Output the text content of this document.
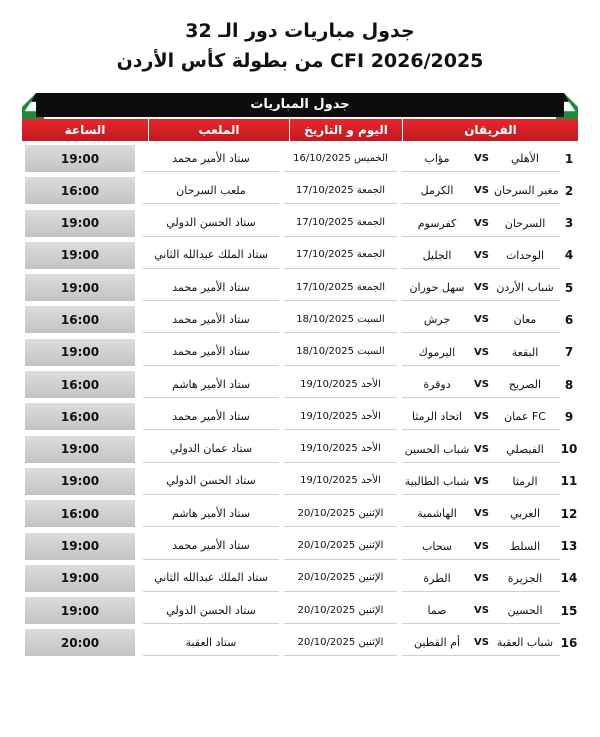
جدول مباريات دور الـ 32
من بطولة كأس الأردن CFI 2026/2025
جدول المباريات
الفريقان
اليوم و التاريخ
الملعب
الساعة
1
الأهلي
VS
مؤاب
الخميس 16/10/2025
ستاد الأمير محمد
19:00
2
مغير السرحان
VS
الكرمل
الجمعة 17/10/2025
ملعب السرحان
16:00
3
السرحان
VS
كفرسوم
الجمعة 17/10/2025
ستاد الحسن الدولي
19:00
4
الوحدات
VS
الجليل
الجمعة 17/10/2025
ستاد الملك عبدالله الثاني
19:00
5
شباب الأردن
VS
سهل حوران
الجمعة 17/10/2025
ستاد الأمير محمد
19:00
6
معان
VS
جرش
السبت 18/10/2025
ستاد الأمير محمد
16:00
7
البقعة
VS
اليرموك
السبت 18/10/2025
ستاد الأمير محمد
19:00
8
الصريح
VS
دوقرة
الأحد 19/10/2025
ستاد الأمير هاشم
16:00
9
عمان FC
VS
اتحاد الرمثا
الأحد 19/10/2025
ستاد الأمير محمد
16:00
10
الفيصلي
VS
شباب الحسين
الأحد 19/10/2025
ستاد عمان الدولي
19:00
11
الرمثا
VS
شباب الطالبية
الأحد 19/10/2025
ستاد الحسن الدولي
19:00
12
العربي
VS
الهاشمية
الإثنين 20/10/2025
ستاد الأمير هاشم
16:00
13
السلط
VS
سحاب
الإثنين 20/10/2025
ستاد الأمير محمد
19:00
14
الجزيرة
VS
الطرة
الإثنين 20/10/2025
ستاد الملك عبدالله الثاني
19:00
15
الحسين
VS
صما
الإثنين 20/10/2025
ستاد الحسن الدولي
19:00
16
شباب العقبة
VS
أم القطين
الإثنين 20/10/2025
ستاد العقبة
20:00
